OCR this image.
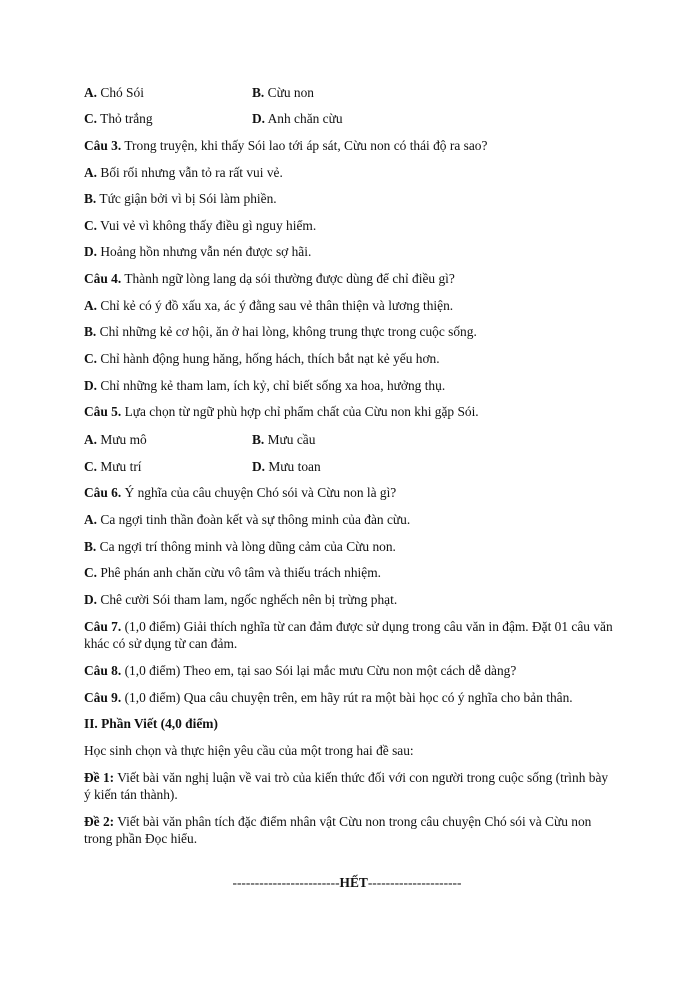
A. Chó Sói	B. Cừu non
C. Thỏ trắng	D. Anh chăn cừu
Câu 3. Trong truyện, khi thấy Sói lao tới áp sát, Cừu non có thái độ ra sao?
A. Bối rối nhưng vẫn tỏ ra rất vui vẻ.
B. Tức giận bởi vì bị Sói làm phiền.
C. Vui vẻ vì không thấy điều gì nguy hiểm.
D. Hoảng hồn nhưng vẫn nén được sợ hãi.
Câu 4. Thành ngữ lòng lang dạ sói thường được dùng để chỉ điều gì?
A. Chỉ kẻ có ý đồ xấu xa, ác ý đằng sau vẻ thân thiện và lương thiện.
B. Chỉ những kẻ cơ hội, ăn ở hai lòng, không trung thực trong cuộc sống.
C. Chỉ hành động hung hăng, hống hách, thích bắt nạt kẻ yếu hơn.
D. Chỉ những kẻ tham lam, ích kỷ, chỉ biết sống xa hoa, hưởng thụ.
Câu 5. Lựa chọn từ ngữ phù hợp chỉ phẩm chất của Cừu non khi gặp Sói.
A. Mưu mô	B. Mưu cầu
C. Mưu trí	D. Mưu toan
Câu 6. Ý nghĩa của câu chuyện Chó sói và Cừu non là gì?
A. Ca ngợi tinh thần đoàn kết và sự thông minh của đàn cừu.
B. Ca ngợi trí thông minh và lòng dũng cảm của Cừu non.
C. Phê phán anh chăn cừu vô tâm và thiếu trách nhiệm.
D. Chê cười Sói tham lam, ngốc nghếch nên bị trừng phạt.
Câu 7. (1,0 điểm) Giải thích nghĩa từ can đảm được sử dụng trong câu văn in đậm. Đặt 01 câu văn khác có sử dụng từ can đảm.
Câu 8. (1,0 điểm) Theo em, tại sao Sói lại mắc mưu Cừu non một cách dễ dàng?
Câu 9. (1,0 điểm) Qua câu chuyện trên, em hãy rút ra một bài học có ý nghĩa cho bản thân.
II. Phần Viết (4,0 điểm)
Học sinh chọn và thực hiện yêu cầu của một trong hai đề sau:
Đề 1: Viết bài văn nghị luận về vai trò của kiến thức đối với con người trong cuộc sống (trình bày ý kiến tán thành).
Đề 2: Viết bài văn phân tích đặc điểm nhân vật Cừu non trong câu chuyện Chó sói và Cừu non trong phần Đọc hiểu.
------------------------HẾT---------------------
